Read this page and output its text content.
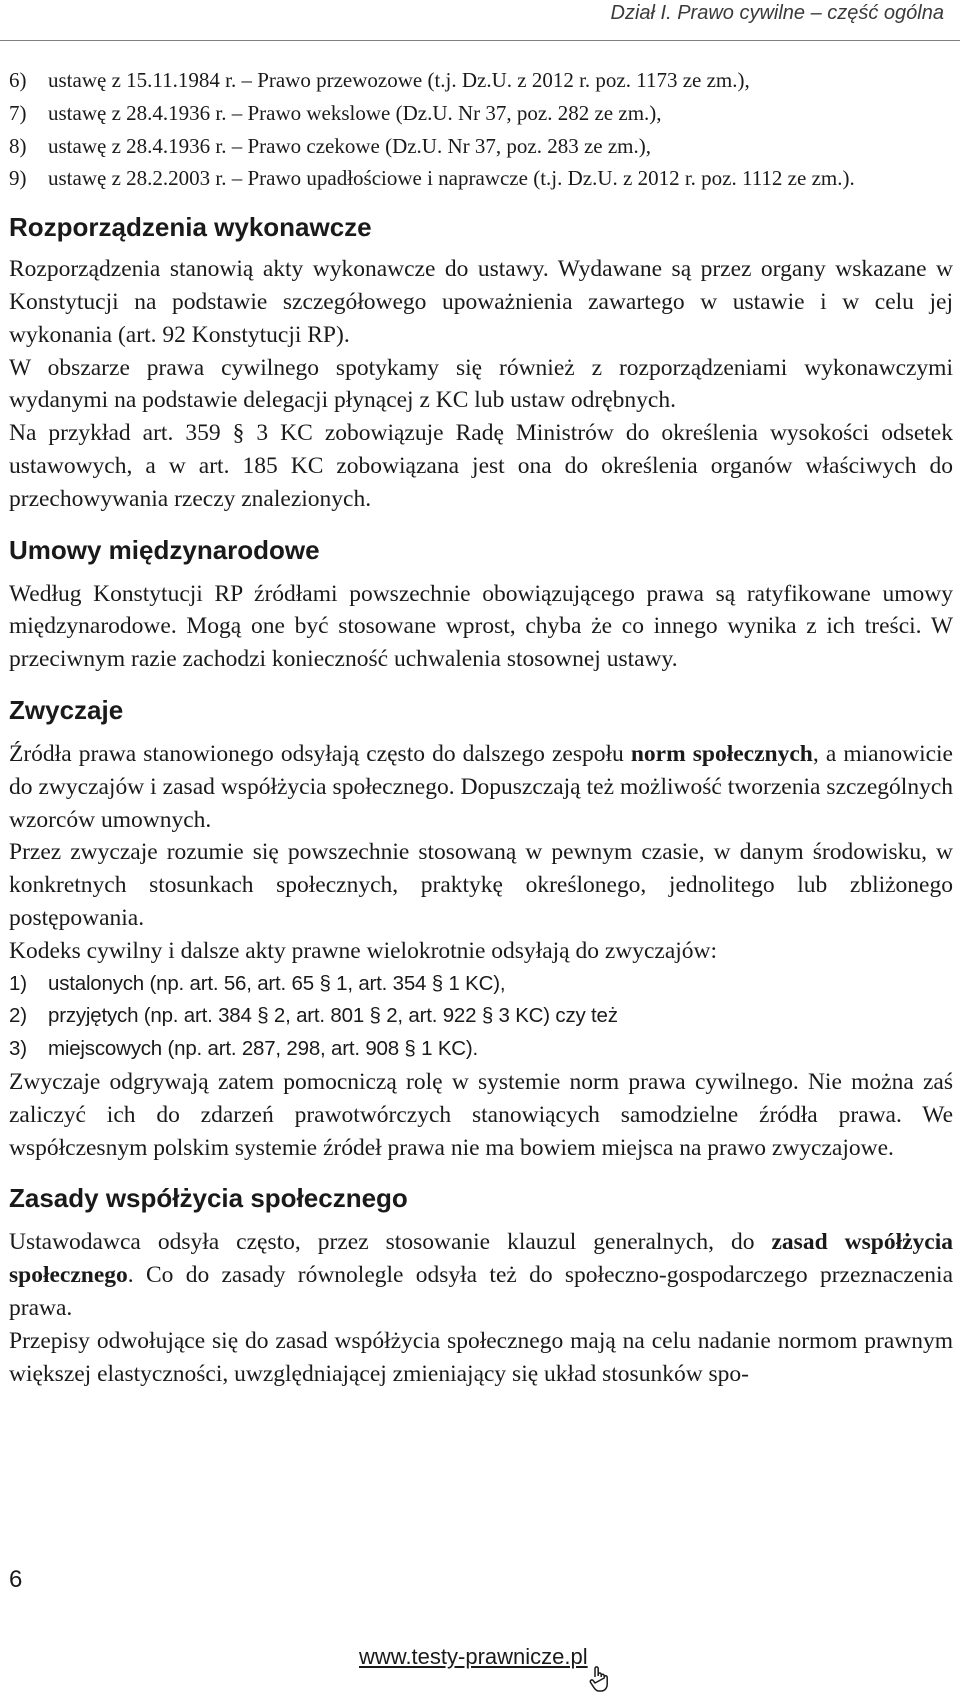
Dział I. Prawo cywilne – część ogólna
6) ustawę z 15.11.1984 r. – Prawo przewozowe (t.j. Dz.U. z 2012 r. poz. 1173 ze zm.),
7) ustawę z 28.4.1936 r. – Prawo wekslowe (Dz.U. Nr 37, poz. 282 ze zm.),
8) ustawę z 28.4.1936 r. – Prawo czekowe (Dz.U. Nr 37, poz. 283 ze zm.),
9) ustawę z 28.2.2003 r. – Prawo upadłościowe i naprawcze (t.j. Dz.U. z 2012 r. poz. 1112 ze zm.).
Rozporządzenia wykonawcze

Rozporządzenia stanowią akty wykonawcze do ustawy. Wydawane są przez organy wskazane w Konstytucji na podstawie szczegółowego upoważnienia zawartego w ustawie i w celu jej wykonania (art. 92 Konstytucji RP).

W obszarze prawa cywilnego spotykamy się również z rozporządzeniami wykonawczymi wydanymi na podstawie delegacji płynącej z KC lub ustaw odrębnych.

Na przykład art. 359 § 3 KC zobowiązuje Radę Ministrów do określenia wysokości odsetek ustawowych, a w art. 185 KC zobowiązana jest ona do określenia organów właściwych do przechowywania rzeczy znalezionych.

Umowy międzynarodowe

Według Konstytucji RP źródłami powszechnie obowiązującego prawa są ratyfikowane umowy międzynarodowe. Mogą one być stosowane wprost, chyba że co innego wynika z ich treści. W przeciwnym razie zachodzi konieczność uchwalenia stosownej ustawy.

Zwyczaje

Źródła prawa stanowionego odsyłają często do dalszego zespołu norm społecznych, a mianowicie do zwyczajów i zasad współżycia społecznego. Dopuszczają też możliwość tworzenia szczególnych wzorców umownych.

Przez zwyczaje rozumie się powszechnie stosowaną w pewnym czasie, w danym środowisku, w konkretnych stosunkach społecznych, praktykę określonego, jednolitego lub zbliżonego postępowania.

Kodeks cywilny i dalsze akty prawne wielokrotnie odsyłają do zwyczajów:

1) ustalonych (np. art. 56, art. 65 § 1, art. 354 § 1 KC),
2) przyjętych (np. art. 384 § 2, art. 801 § 2, art. 922 § 3 KC) czy też
3) miejscowych (np. art. 287, 298, art. 908 § 1 KC).

Zwyczaje odgrywają zatem pomocniczą rolę w systemie norm prawa cywilnego. Nie można zaś zaliczyć ich do zdarzeń prawotwórczych stanowiących samodzielne źródła prawa. We współczesnym polskim systemie źródeł prawa nie ma bowiem miejsca na prawo zwyczajowe.

Zasady współżycia społecznego

Ustawodawca odsyła często, przez stosowanie klauzul generalnych, do zasad współżycia społecznego. Co do zasady równolegle odsyła też do społeczno-gospodarczego przeznaczenia prawa.

Przepisy odwołujące się do zasad współżycia społecznego mają na celu nadanie normom prawnym większej elastyczności, uwzględniającej zmieniający się układ stosunków spo-

6
www.testy-prawnicze.pl
